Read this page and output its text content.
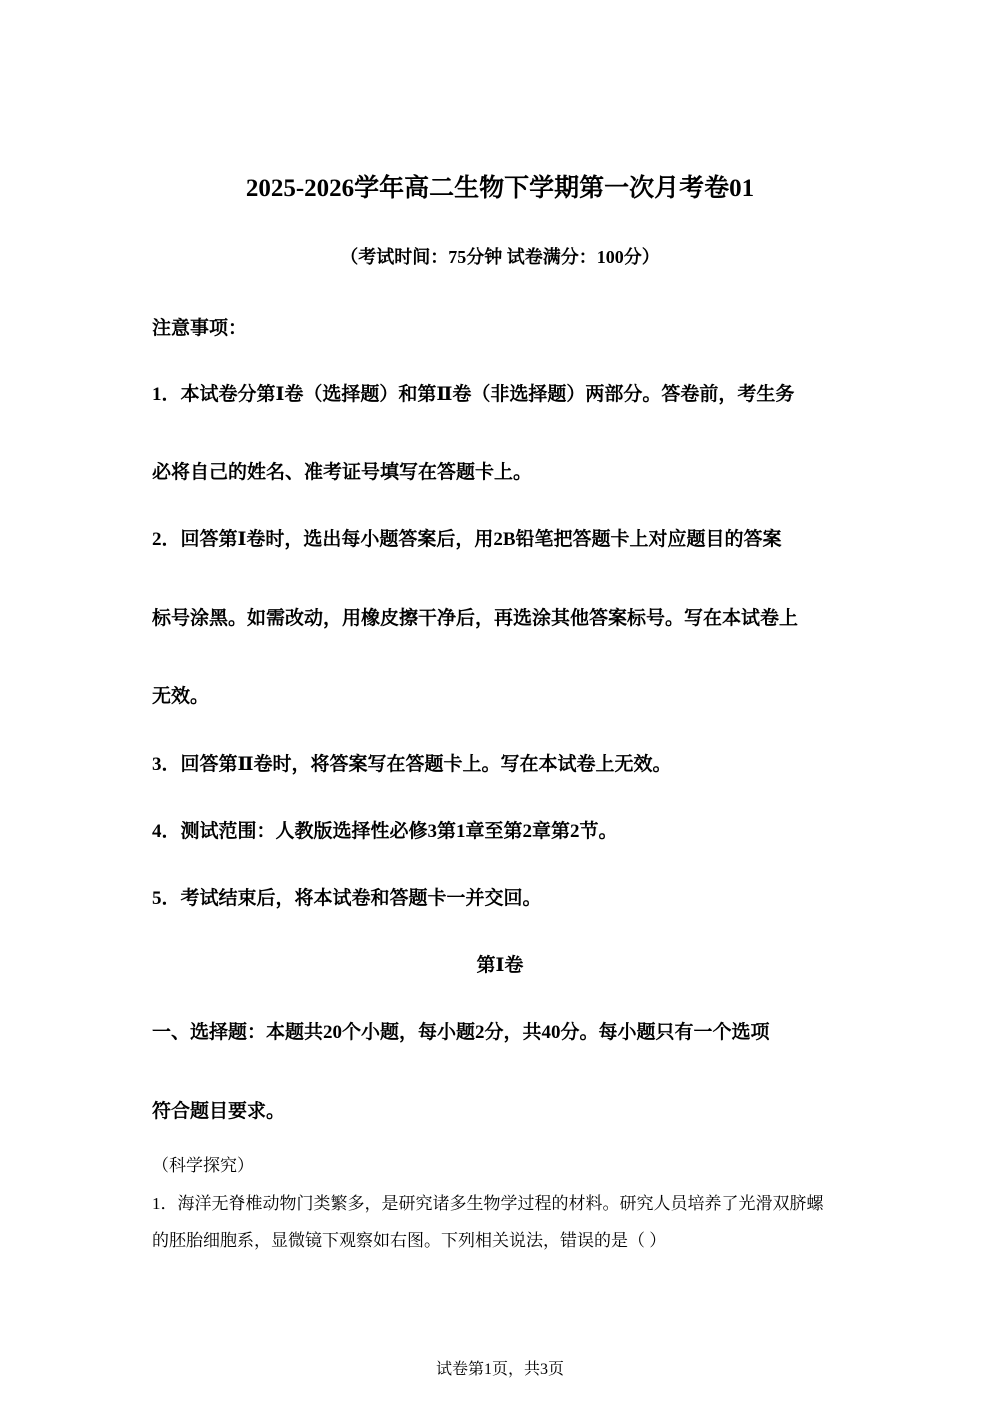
2025-2026学年高二生物下学期第一次月考卷01
（考试时间：75分钟 试卷满分：100分）
注意事项：
1．本试卷分第Ⅰ卷（选择题）和第Ⅱ卷（非选择题）两部分。答卷前，考生务
必将自己的姓名、准考证号填写在答题卡上。
2．回答第Ⅰ卷时，选出每小题答案后，用2B铅笔把答题卡上对应题目的答案
标号涂黑。如需改动，用橡皮擦干净后，再选涂其他答案标号。写在本试卷上
无效。
3．回答第Ⅱ卷时，将答案写在答题卡上。写在本试卷上无效。
4．测试范围：人教版选择性必修3第1章至第2章第2节。
5．考试结束后，将本试卷和答题卡一并交回。
第Ⅰ卷
一、选择题：本题共20个小题，每小题2分，共40分。每小题只有一个选项
符合题目要求。
（科学探究）
1．海洋无脊椎动物门类繁多，是研究诸多生物学过程的材料。研究人员培养了光滑双脐螺
的胚胎细胞系，显微镜下观察如右图。下列相关说法，错误的是（ ）
试卷第1页，共3页
